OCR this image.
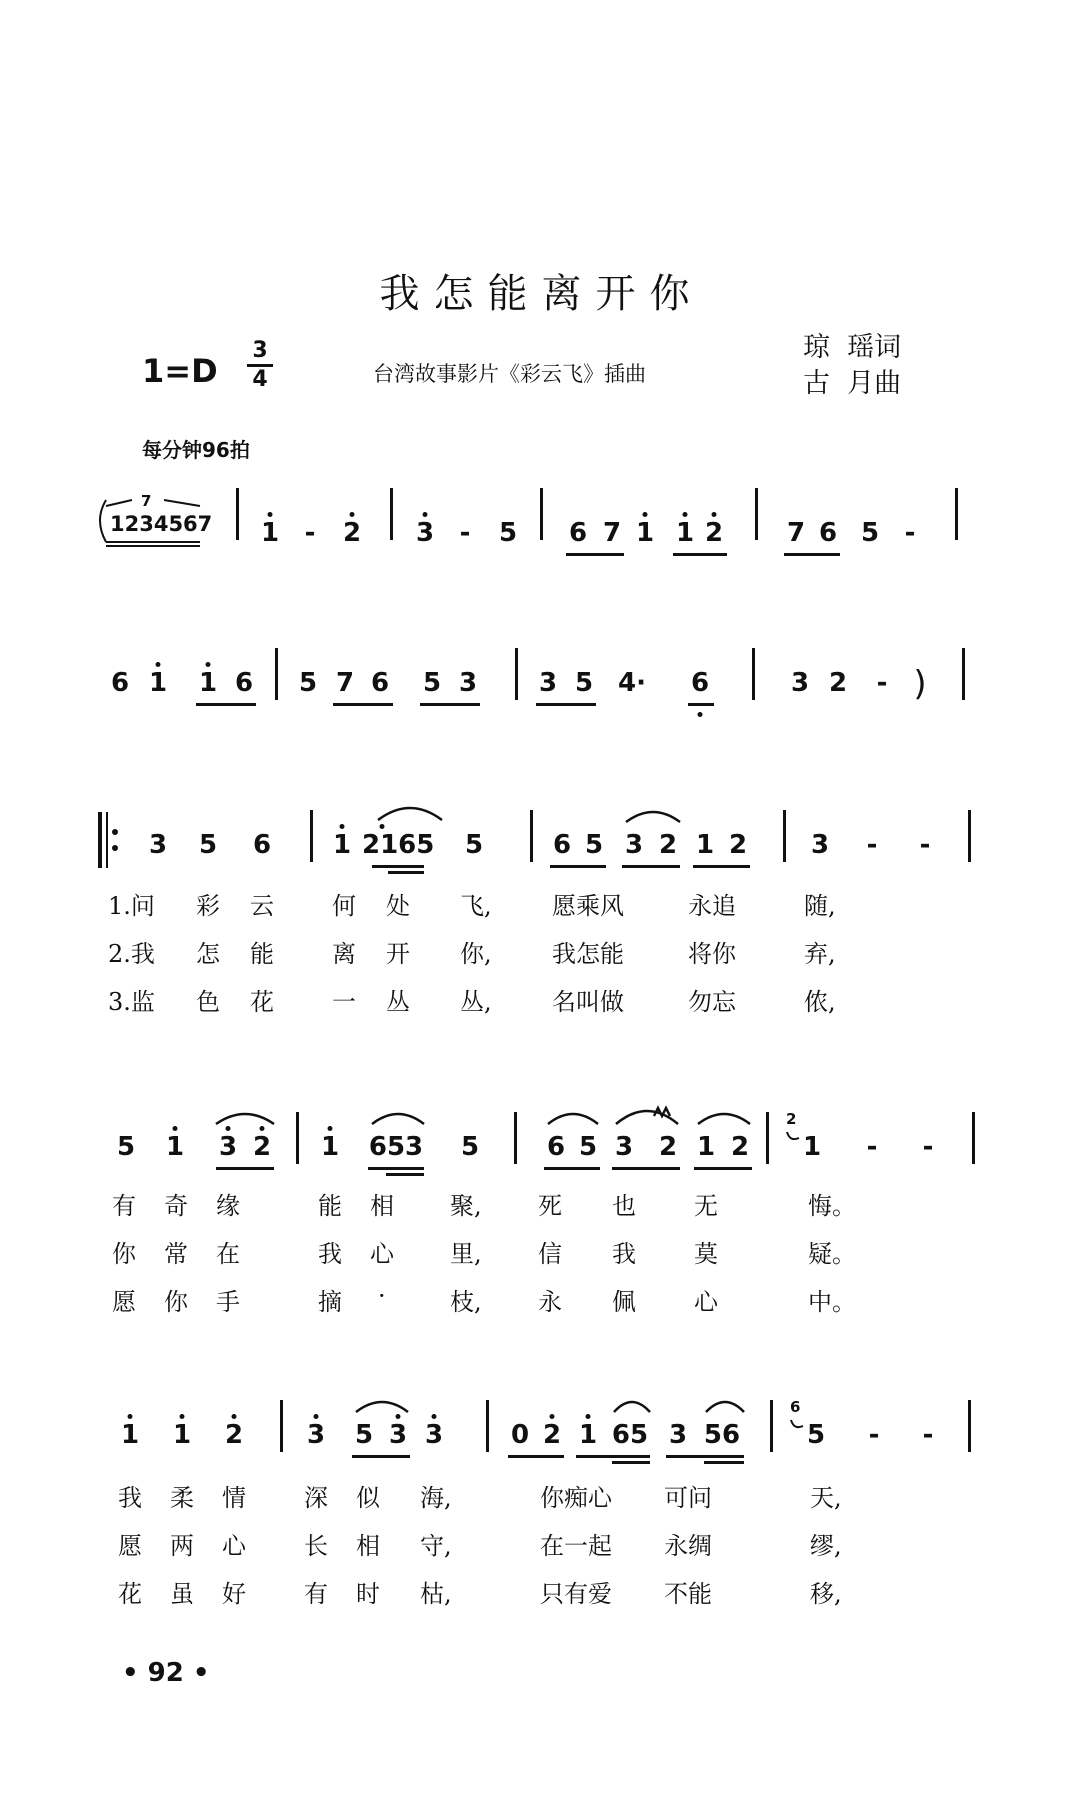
我怎能离开你
$1=D \frac{3}{4}$	台湾故事影片《彩云飞》插曲
琼  瑶词
古  月曲
每分钟96拍
7
1234567 1 -	2 3 -	5 6 7 1 1 2 7 6 5 -
6 1 1 6 5 7 6 5 3 3 5 4· 6	3 2	- )
3 5 6 1 2165 5	6 5 3 2 1 2 3	-	-
1.问 彩 云 何 处 飞,	愿乘风	永追	随,
2.我 怎 能 离 开 你,	我怎能	将你	弃,
3.监 色 花 一 丛 丛,	名叫做	勿忘	侬,
5 1 3 2 1 653 5	6 5 3 2 1 2
2
1	-	-
有 奇 缘	能 相 聚, 死 也 无	悔。
你 常 在	我 心 里, 信 我 莫	疑。
愿 你 手	摘 ·	枝, 永 佩 心	中。
1 1 2 3 5 3 3	0 2 1 65 3 56
6
5	-	-
我 柔 情 深 似 海,	你痴心 可问	天,
愿 两 心 长 相 守,	在一起 永绸	缪,
花 虽 好 有 时 枯,	只有爱 不能	移,
• 92 •
